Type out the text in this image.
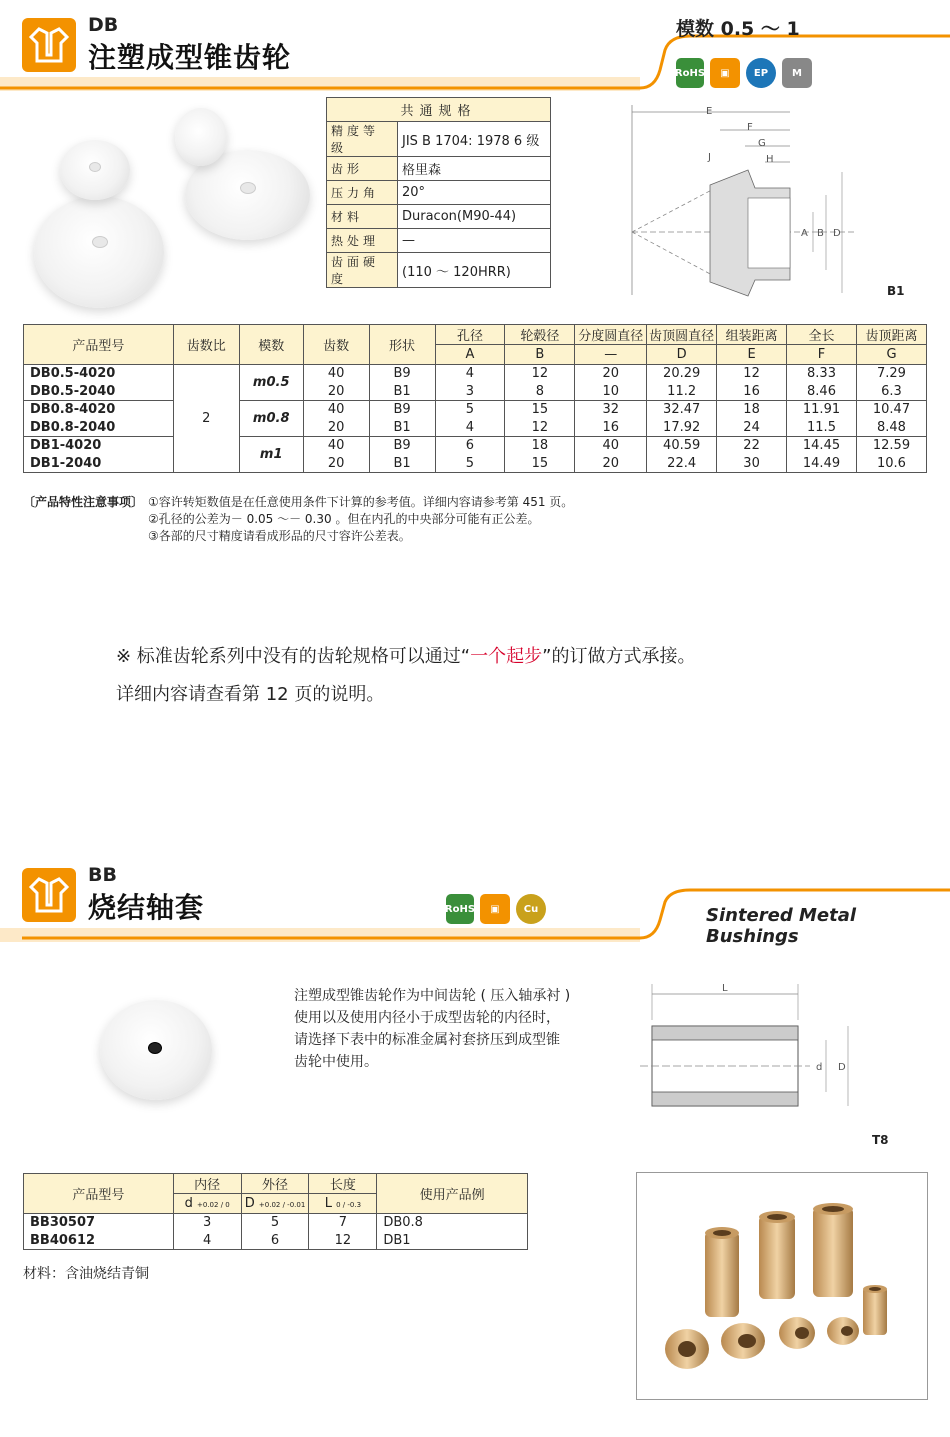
DB
注塑成型锥齿轮
模数 0.5 ～ 1
RoHS	▣	EP	M
共通规格	
精度等级	JIS B 1704: 1978 6 级
齿形	格里森
压力角	20°
材料	Duracon(M90-44)
热处理	—
齿面硬度	(110 ～ 120HRR)
E
F
G
H
J
A B D
B1
产品型号	齿数比	模数	齿数	形状	孔径	轮毂径	分度圆直径	齿顶圆直径	组装距离	全长	齿顶距离
					A	B	—	D	E	F	G
DB0.5-4020	2	m0.5	40	B9	4	12	20	20.29	12	8.33	7.29
DB0.5-2040			20	B1	3	8	10	11.2	16	8.46	6.3
DB0.8-4020		m0.8	40	B9	5	15	32	32.47	18	11.91	10.47
DB0.8-2040			20	B1	4	12	16	17.92	24	11.5	8.48
DB1-4020		m1	40	B9	6	18	40	40.59	22	14.45	12.59
DB1-2040			20	B1	5	15	20	22.4	30	14.49	10.6
〔产品特性注意事项〕 ①容许转矩数值是在任意使用条件下计算的参考值。详细内容请参考第 451 页。
②孔径的公差为－ 0.05 ～－ 0.30 。但在内孔的中央部分可能有正公差。
③各部的尺寸精度请看成形品的尺寸容许公差表。
※ 标准齿轮系列中没有的齿轮规格可以通过“一个起步”的订做方式承接。
详细内容请查看第 12 页的说明。
BB
烧结轴套	RoHS	▣	Cu	Sintered Metal Bushings
注塑成型锥齿轮作为中间齿轮 ( 压入轴承衬 )
使用以及使用内径小于成型齿轮的内径时，
请选择下表中的标准金属衬套挤压到成型锥
齿轮中使用。
L
d D
T8
产品型号	内径	外径	长度	使用产品例
	d +0.02 / 0	D +0.02 / -0.01	L 0 / -0.3	
BB30507	3	5	7	DB0.8
BB40612	4	6	12	DB1
材料：含油烧结青铜
